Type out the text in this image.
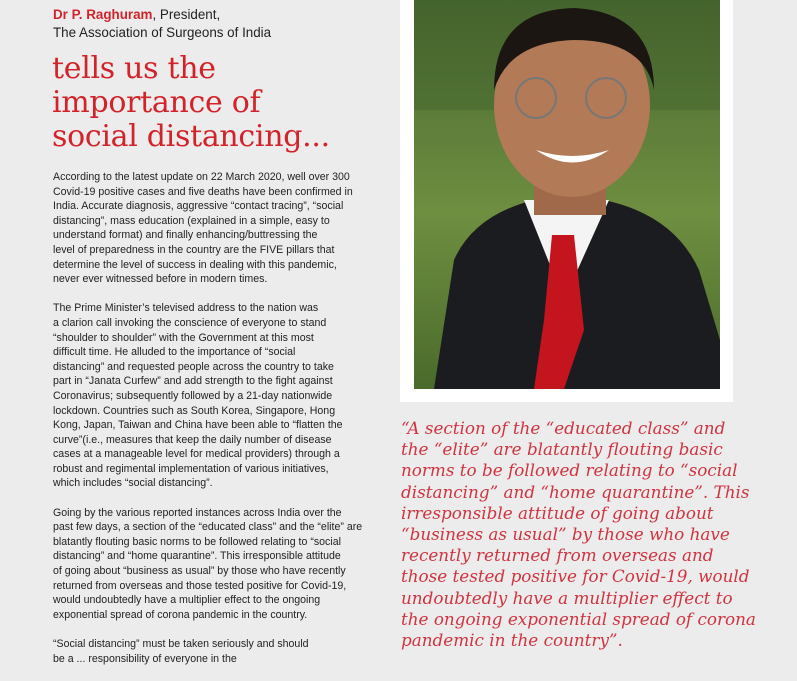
Dr P. Raghuram, President,
The Association of Surgeons of India
tells us the
importance of
social distancing...

According to the latest update on 22 March 2020, well over 300
Covid-19 positive cases and five deaths have been confirmed in
India. Accurate diagnosis, aggressive “contact tracing”, “social
distancing”, mass education (explained in a simple, easy to
understand format) and finally enhancing/buttressing the
level of preparedness in the country are the FIVE pillars that
determine the level of success in dealing with this pandemic,
never ever witnessed before in modern times.

The Prime Minister’s televised address to the nation was
a clarion call invoking the conscience of everyone to stand
“shoulder to shoulder” with the Government at this most
difficult time. He alluded to the importance of “social
distancing” and requested people across the country to take
part in “Janata Curfew” and add strength to the fight against
Coronavirus; subsequently followed by a 21-day nationwide
lockdown. Countries such as South Korea, Singapore, Hong
Kong, Japan, Taiwan and China have been able to “flatten the
curve”(i.e., measures that keep the daily number of disease
cases at a manageable level for medical providers) through a
robust and regimental implementation of various initiatives,
which includes “social distancing”.

Going by the various reported instances across India over the
past few days, a section of the “educated class” and the “elite” are
blatantly flouting basic norms to be followed relating to “social
distancing” and “home quarantine”. This irresponsible attitude
of going about “business as usual” by those who have recently
returned from overseas and those tested positive for Covid-19,
would undoubtedly have a multiplier effect to the ongoing
exponential spread of corona pandemic in the country.

“Social distancing” must be taken seriously and should
be a ... responsibility of everyone in the

“A section of the “educated class” and
the “elite” are blatantly flouting basic
norms to be followed relating to “social
distancing” and “home quarantine”. This
irresponsible attitude of going about
“business as usual” by those who have
recently returned from overseas and
those tested positive for Covid-19, would
undoubtedly have a multiplier effect to
the ongoing exponential spread of corona
pandemic in the country”.
